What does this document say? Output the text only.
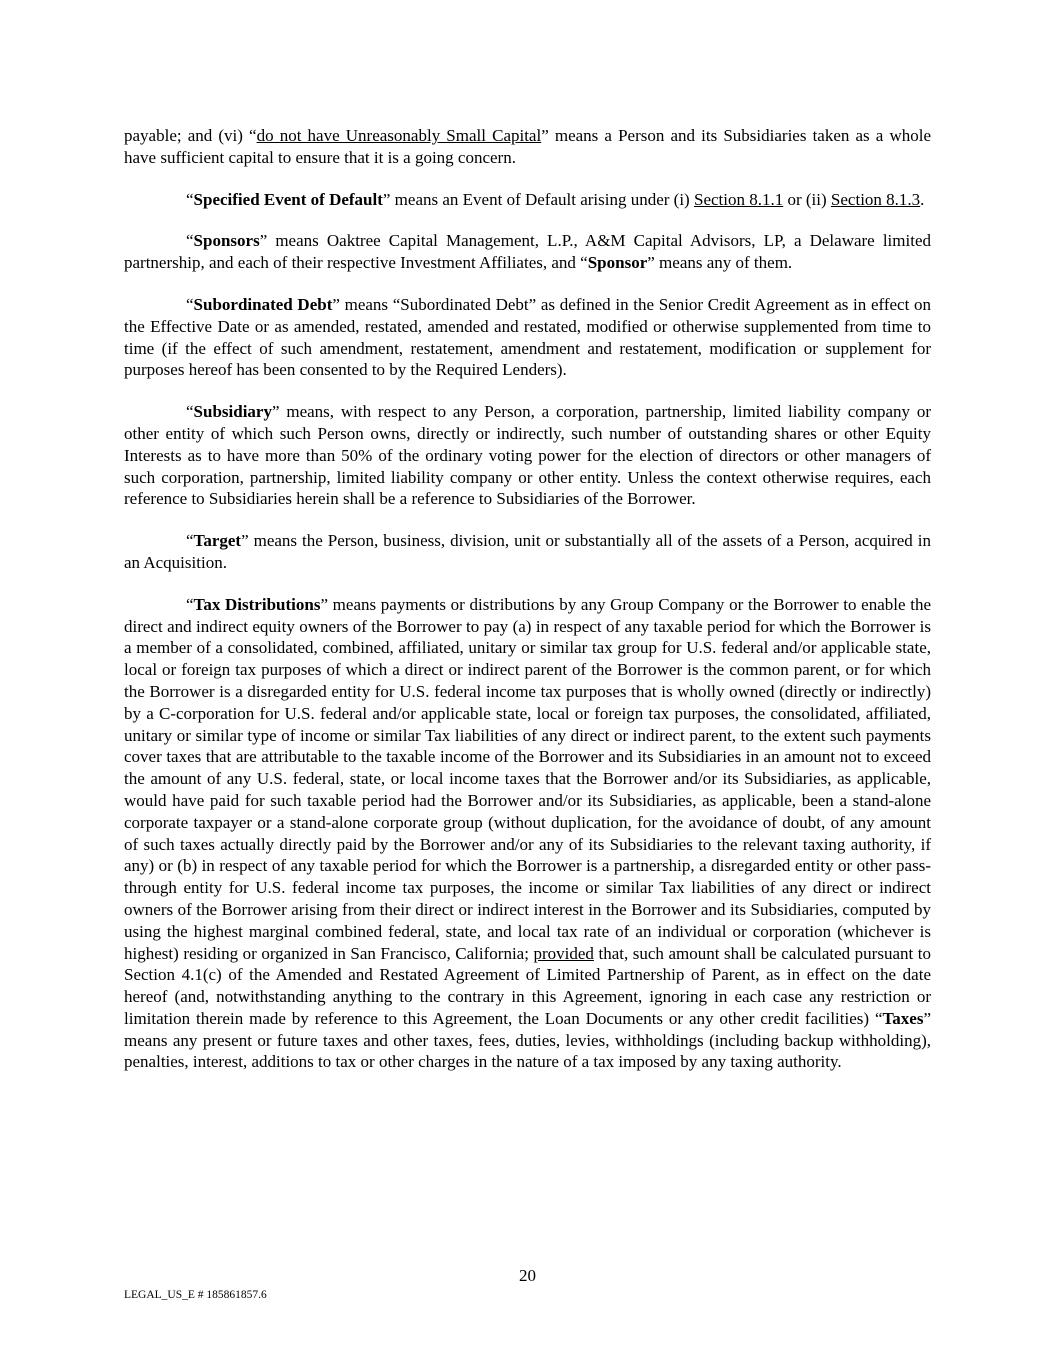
payable; and (vi) “do not have Unreasonably Small Capital” means a Person and its Subsidiaries taken as a whole have sufficient capital to ensure that it is a going concern.

“Specified Event of Default” means an Event of Default arising under (i) Section 8.1.1 or (ii) Section 8.1.3.

“Sponsors” means Oaktree Capital Management, L.P., A&M Capital Advisors, LP, a Delaware limited partnership, and each of their respective Investment Affiliates, and “Sponsor” means any of them.

“Subordinated Debt” means “Subordinated Debt” as defined in the Senior Credit Agreement as in effect on the Effective Date or as amended, restated, amended and restated, modified or otherwise supplemented from time to time (if the effect of such amendment, restatement, amendment and restatement, modification or supplement for purposes hereof has been consented to by the Required Lenders).

“Subsidiary” means, with respect to any Person, a corporation, partnership, limited liability company or other entity of which such Person owns, directly or indirectly, such number of outstanding shares or other Equity Interests as to have more than 50% of the ordinary voting power for the election of directors or other managers of such corporation, partnership, limited liability company or other entity. Unless the context otherwise requires, each reference to Subsidiaries herein shall be a reference to Subsidiaries of the Borrower.

“Target” means the Person, business, division, unit or substantially all of the assets of a Person, acquired in an Acquisition.

“Tax Distributions” means payments or distributions by any Group Company or the Borrower to enable the direct and indirect equity owners of the Borrower to pay (a) in respect of any taxable period for which the Borrower is a member of a consolidated, combined, affiliated, unitary or similar tax group for U.S. federal and/or applicable state, local or foreign tax purposes of which a direct or indirect parent of the Borrower is the common parent, or for which the Borrower is a disregarded entity for U.S. federal income tax purposes that is wholly owned (directly or indirectly) by a C-corporation for U.S. federal and/or applicable state, local or foreign tax purposes, the consolidated, affiliated, unitary or similar type of income or similar Tax liabilities of any direct or indirect parent, to the extent such payments cover taxes that are attributable to the taxable income of the Borrower and its Subsidiaries in an amount not to exceed the amount of any U.S. federal, state, or local income taxes that the Borrower and/or its Subsidiaries, as applicable, would have paid for such taxable period had the Borrower and/or its Subsidiaries, as applicable, been a stand-alone corporate taxpayer or a stand-alone corporate group (without duplication, for the avoidance of doubt, of any amount of such taxes actually directly paid by the Borrower and/or any of its Subsidiaries to the relevant taxing authority, if any) or (b) in respect of any taxable period for which the Borrower is a partnership, a disregarded entity or other pass-through entity for U.S. federal income tax purposes, the income or similar Tax liabilities of any direct or indirect owners of the Borrower arising from their direct or indirect interest in the Borrower and its Subsidiaries, computed by using the highest marginal combined federal, state, and local tax rate of an individual or corporation (whichever is highest) residing or organized in San Francisco, California; provided that, such amount shall be calculated pursuant to Section 4.1(c) of the Amended and Restated Agreement of Limited Partnership of Parent, as in effect on the date hereof (and, notwithstanding anything to the contrary in this Agreement, ignoring in each case any restriction or limitation therein made by reference to this Agreement, the Loan Documents or any other credit facilities) “Taxes” means any present or future taxes and other taxes, fees, duties, levies, withholdings (including backup withholding), penalties, interest, additions to tax or other charges in the nature of a tax imposed by any taxing authority.

20
LEGAL_US_E # 185861857.6
